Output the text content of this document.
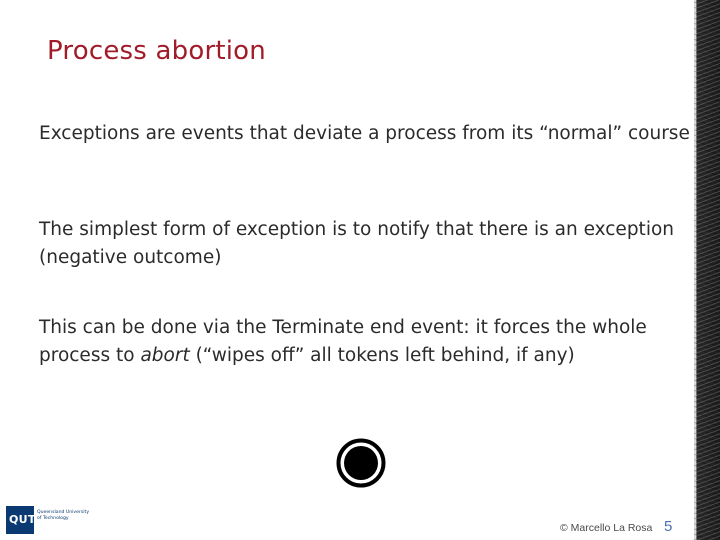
Process abortion
Exceptions are events that deviate a process from its “normal” course
The simplest form of exception is to notify that there is an exception (negative outcome)
This can be done via the Terminate end event: it forces the whole process to abort (“wipes off” all tokens left behind, if any)
QUT
Queensland University
of Technology
© Marcello La Rosa 5
